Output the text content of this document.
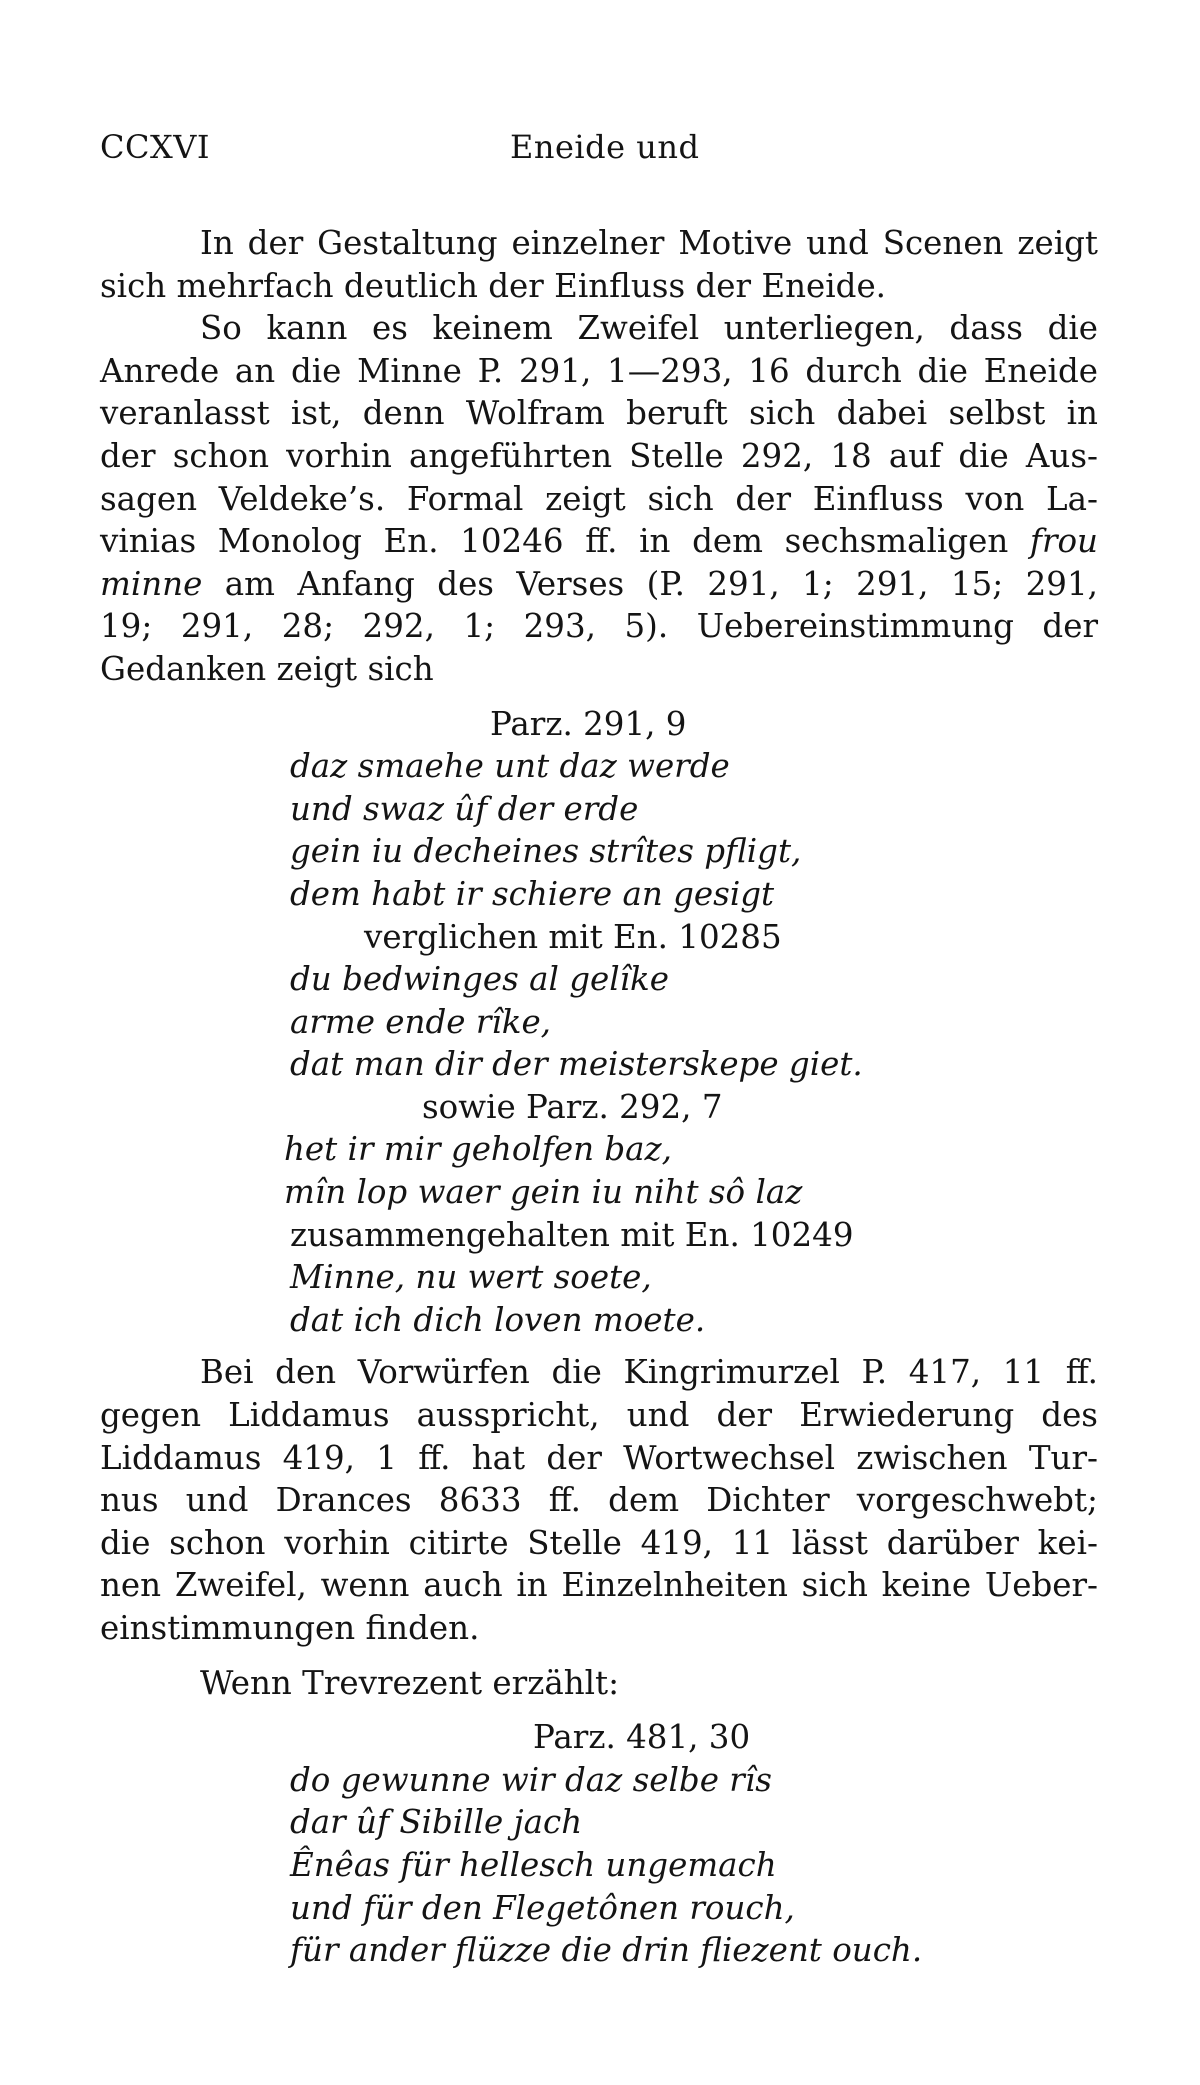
CCXVI	Eneide und

In der Gestaltung einzelner Motive und Scenen zeigt

sich mehrfach deutlich der Einfluss der Eneide.

So kann es keinem Zweifel unterliegen, dass die

Anrede an die Minne P. 291, 1—293, 16 durch die Eneide

veranlasst ist, denn Wolfram beruft sich dabei selbst in

der schon vorhin angeführten Stelle 292, 18 auf die Aus-

sagen Veldeke’s. Formal zeigt sich der Einfluss von La-

vinias Monolog En. 10246 ff. in dem sechsmaligen frou

minne am Anfang des Verses (P. 291, 1; 291, 15; 291,

19; 291, 28; 292, 1; 293, 5). Uebereinstimmung der

Gedanken zeigt sich

Parz. 291, 9
daz smaehe unt daz werde
und swaz ûf der erde
gein iu decheines strîtes pfligt,
dem habt ir schiere an gesigt
verglichen mit En. 10285
du bedwinges al gelîke
arme ende rîke,
dat man dir der meisterskepe giet.
sowie Parz. 292, 7
het ir mir geholfen baz,
mîn lop waer gein iu niht sô laz
zusammengehalten mit En. 10249
Minne, nu wert soete,
dat ich dich loven moete.

Bei den Vorwürfen die Kingrimurzel P. 417, 11 ff.

gegen Liddamus ausspricht, und der Erwiederung des

Liddamus 419, 1 ff. hat der Wortwechsel zwischen Tur-

nus und Drances 8633 ff. dem Dichter vorgeschwebt;

die schon vorhin citirte Stelle 419, 11 lässt darüber kei-

nen Zweifel, wenn auch in Einzelnheiten sich keine Ueber-

einstimmungen finden.

Wenn Trevrezent erzählt:

Parz. 481, 30
do gewunne wir daz selbe rîs
dar ûf Sibille jach
Ênêas für hellesch ungemach
und für den Flegetônen rouch,
für ander flüzze die drin fliezent ouch.
